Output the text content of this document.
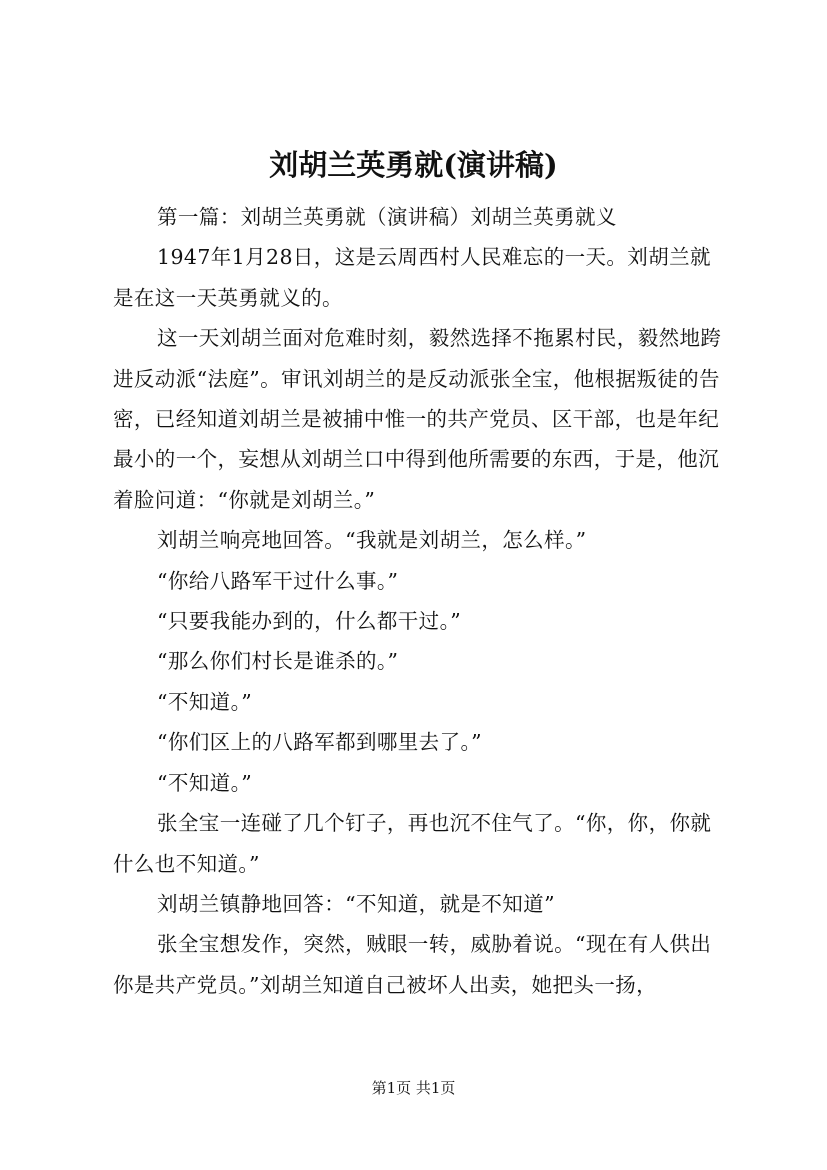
刘胡兰英勇就(演讲稿)

第一篇：刘胡兰英勇就（演讲稿）刘胡兰英勇就义

1947年1月28日，这是云周西村人民难忘的一天。刘胡兰就是在这一天英勇就义的。

这一天刘胡兰面对危难时刻，毅然选择不拖累村民，毅然地跨进反动派“法庭”。审讯刘胡兰的是反动派张全宝，他根据叛徒的告密，已经知道刘胡兰是被捕中惟一的共产党员、区干部，也是年纪最小的一个，妄想从刘胡兰口中得到他所需要的东西，于是，他沉着脸问道：“你就是刘胡兰。”

刘胡兰响亮地回答。“我就是刘胡兰，怎么样。”

“你给八路军干过什么事。”

“只要我能办到的，什么都干过。”

“那么你们村长是谁杀的。”

“不知道。”

“你们区上的八路军都到哪里去了。”

“不知道。”

张全宝一连碰了几个钉子，再也沉不住气了。“你，你，你就什么也不知道。”

刘胡兰镇静地回答：“不知道，就是不知道”

张全宝想发作，突然，贼眼一转，威胁着说。“现在有人供出你是共产党员。”刘胡兰知道自己被坏人出卖，她把头一扬，

第1页 共1页
